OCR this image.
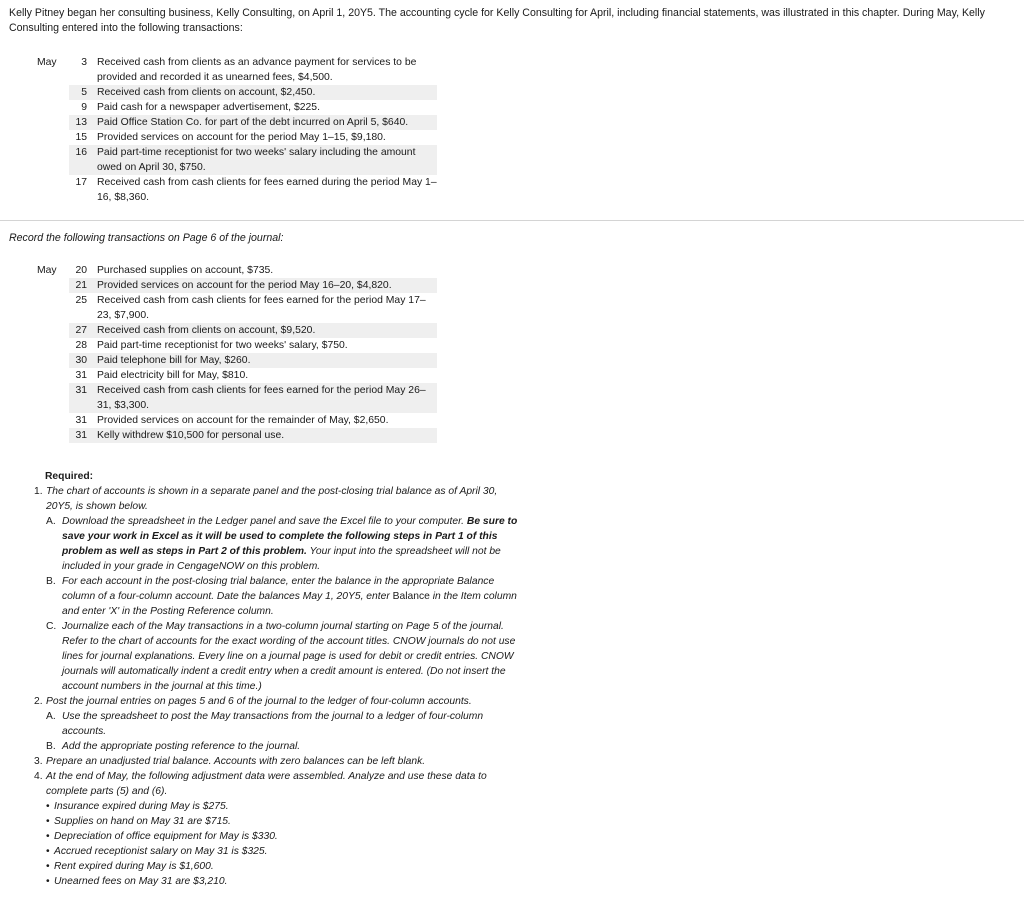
Kelly Pitney began her consulting business, Kelly Consulting, on April 1, 20Y5. The accounting cycle for Kelly Consulting for April, including financial statements, was illustrated in this chapter. During May, Kelly Consulting entered into the following transactions:
May	3	Received cash from clients as an advance payment for services to be provided and recorded it as unearned fees, $4,500.
	5	Received cash from clients on account, $2,450.
	9	Paid cash for a newspaper advertisement, $225.
	13	Paid Office Station Co. for part of the debt incurred on April 5, $640.
	15	Provided services on account for the period May 1–15, $9,180.
	16	Paid part-time receptionist for two weeks' salary including the amount owed on April 30, $750.
	17	Received cash from cash clients for fees earned during the period May 1–16, $8,360.
Record the following transactions on Page 6 of the journal:
May	20	Purchased supplies on account, $735.
	21	Provided services on account for the period May 16–20, $4,820.
	25	Received cash from cash clients for fees earned for the period May 17–23, $7,900.
	27	Received cash from clients on account, $9,520.
	28	Paid part-time receptionist for two weeks' salary, $750.
	30	Paid telephone bill for May, $260.
	31	Paid electricity bill for May, $810.
	31	Received cash from cash clients for fees earned for the period May 26–31, $3,300.
	31	Provided services on account for the remainder of May, $2,650.
	31	Kelly withdrew $10,500 for personal use.
Required:
1. The chart of accounts is shown in a separate panel and the post-closing trial balance as of April 30, 20Y5, is shown below.
A. Download the spreadsheet in the Ledger panel and save the Excel file to your computer. Be sure to save your work in Excel as it will be used to complete the following steps in Part 1 of this problem as well as steps in Part 2 of this problem. Your input into the spreadsheet will not be included in your grade in CengageNOW on this problem.
B. For each account in the post-closing trial balance, enter the balance in the appropriate Balance column of a four-column account. Date the balances May 1, 20Y5, enter Balance in the Item column and enter 'X' in the Posting Reference column.
C. Journalize each of the May transactions in a two-column journal starting on Page 5 of the journal. Refer to the chart of accounts for the exact wording of the account titles. CNOW journals do not use lines for journal explanations. Every line on a journal page is used for debit or credit entries. CNOW journals will automatically indent a credit entry when a credit amount is entered. (Do not insert the account numbers in the journal at this time.)
2. Post the journal entries on pages 5 and 6 of the journal to the ledger of four-column accounts.
A. Use the spreadsheet to post the May transactions from the journal to a ledger of four-column accounts.
B. Add the appropriate posting reference to the journal.
3. Prepare an unadjusted trial balance. Accounts with zero balances can be left blank.
4. At the end of May, the following adjustment data were assembled. Analyze and use these data to complete parts (5) and (6).
• Insurance expired during May is $275.
• Supplies on hand on May 31 are $715.
• Depreciation of office equipment for May is $330.
• Accrued receptionist salary on May 31 is $325.
• Rent expired during May is $1,600.
• Unearned fees on May 31 are $3,210.
